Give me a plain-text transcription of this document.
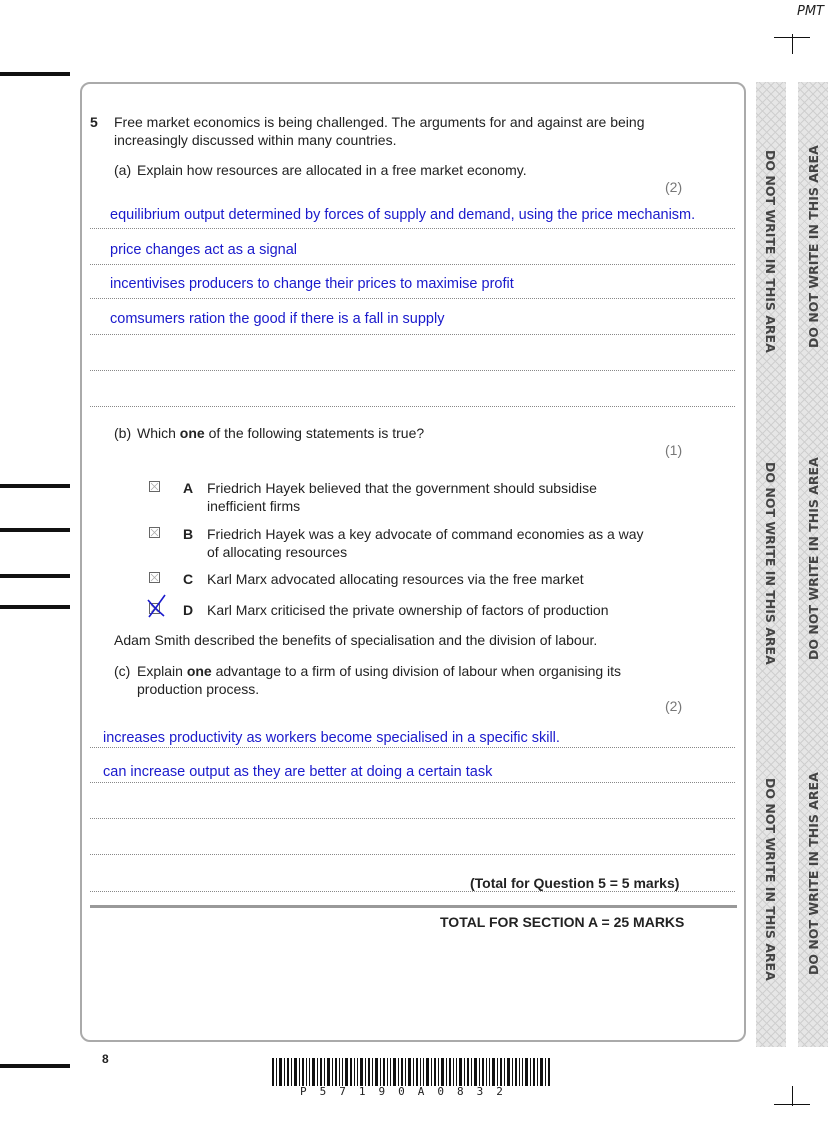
PMT
DO NOT WRITE IN THIS AREA
DO NOT WRITE IN THIS AREA
DO NOT WRITE IN THIS AREA
DO NOT WRITE IN THIS AREA
DO NOT WRITE IN THIS AREA
DO NOT WRITE IN THIS AREA
5 Free market economics is being challenged. The arguments for and against are being
increasingly discussed within many countries.
(a) Explain how resources are allocated in a free market economy.
(2)
equilibrium output determined by forces of supply and demand, using the price mechanism.
price changes act as a signal
incentivises producers to change their prices to maximise profit
comsumers ration the good if there is a fall in supply
(b) Which one of the following statements is true?
(1)
A Friedrich Hayek believed that the government should subsidise
inefficient firms
B Friedrich Hayek was a key advocate of command economies as a way
of allocating resources
C Karl Marx advocated allocating resources via the free market
D Karl Marx criticised the private ownership of factors of production
Adam Smith described the benefits of specialisation and the division of labour.
(c) Explain one advantage to a firm of using division of labour when organising its
production process.
(2)
increases productivity as workers become specialised in a specific skill.
can increase output as they are better at doing a certain task
(Total for Question 5 = 5 marks)
TOTAL FOR SECTION A = 25 MARKS
8
P57190A0832
